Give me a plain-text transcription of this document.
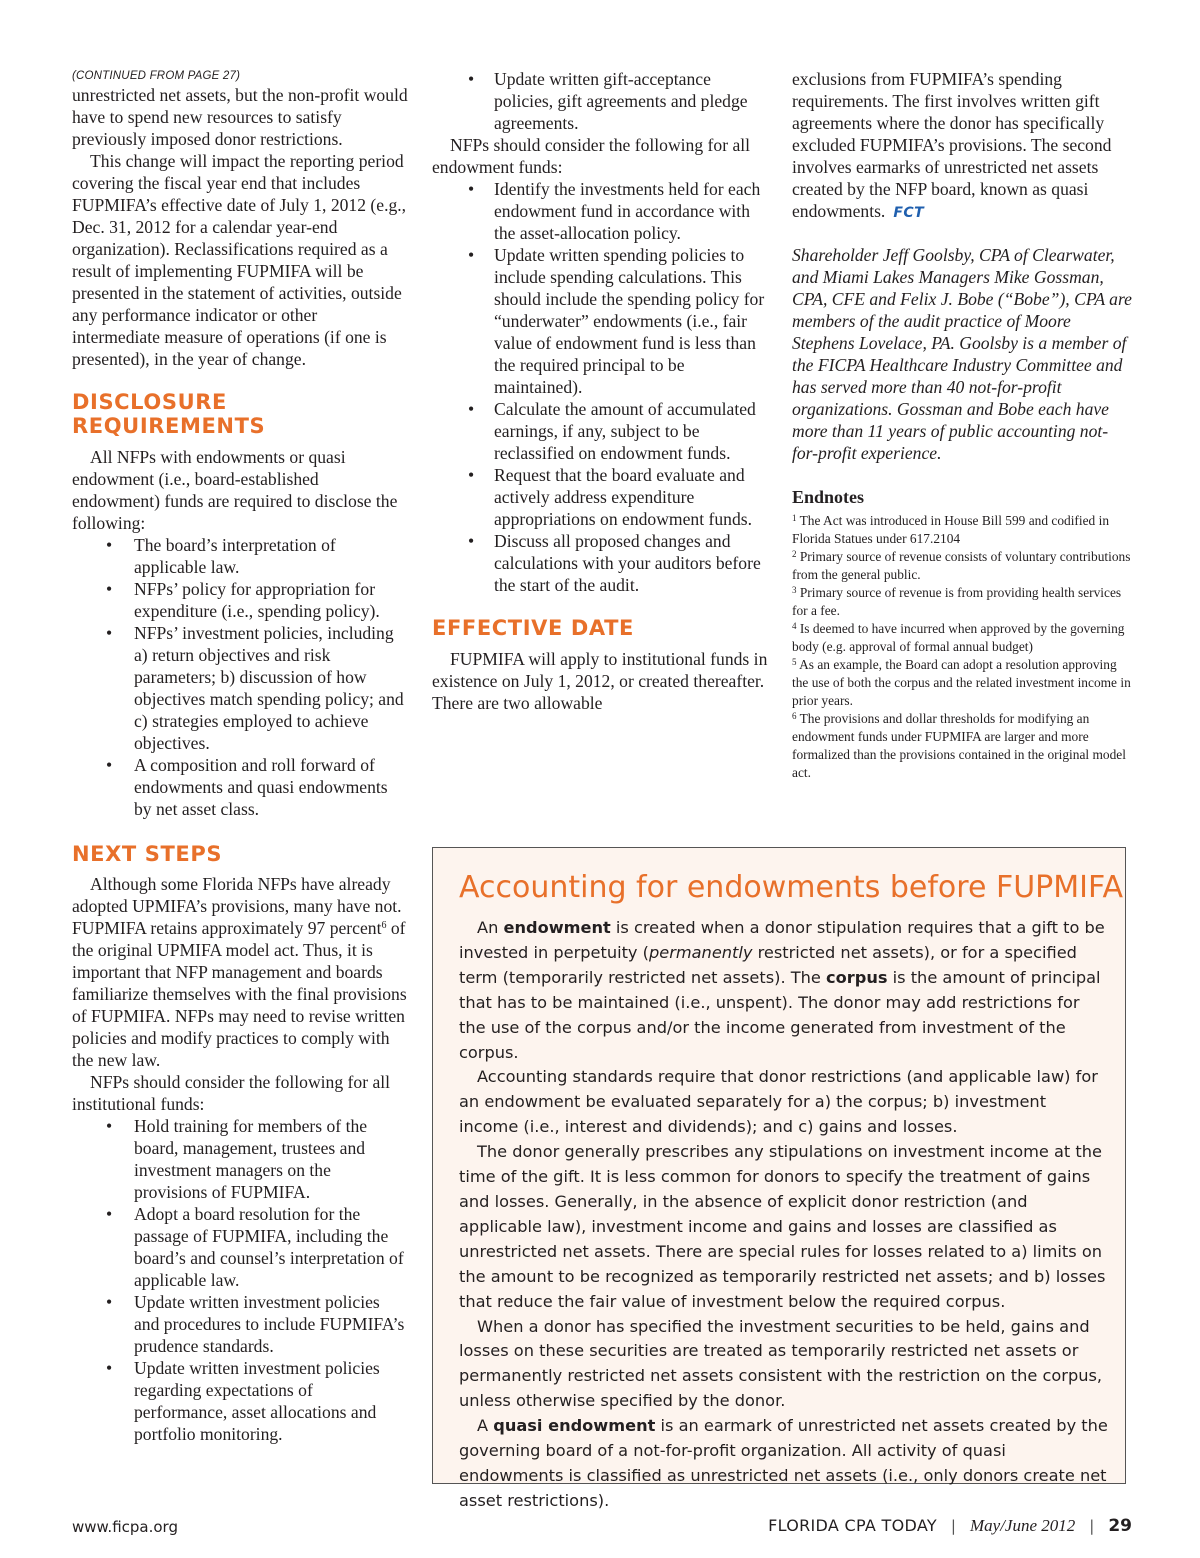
(CONTINUED FROM PAGE 27)

unrestricted net assets, but the non-profit would have to spend new resources to satisfy previously imposed donor restrictions.

This change will impact the reporting period covering the fiscal year end that includes FUPMIFA’s effective date of July 1, 2012 (e.g., Dec. 31, 2012 for a calendar year-end organization). Reclassifications required as a result of implementing FUPMIFA will be presented in the statement of activities, outside any performance indicator or other intermediate measure of operations (if one is presented), in the year of change.

DISCLOSURE REQUIREMENTS

All NFPs with endowments or quasi endowment (i.e., board-established endowment) funds are required to disclose the following:

• The board’s interpretation of applicable law.
• NFPs’ policy for appropriation for expenditure (i.e., spending policy).
• NFPs’ investment policies, including a) return objectives and risk parameters; b) discussion of how objectives match spending policy; and c) strategies employed to achieve objectives.
• A composition and roll forward of endowments and quasi endowments by net asset class.
NEXT STEPS

Although some Florida NFPs have already adopted UPMIFA’s provisions, many have not. FUPMIFA retains approximately 97 percent$^6$ of the original UPMIFA model act. Thus, it is important that NFP management and boards familiarize themselves with the final provisions of FUPMIFA. NFPs may need to revise written policies and modify practices to comply with the new law.

NFPs should consider the following for all institutional funds:

• Hold training for members of the board, management, trustees and investment managers on the provisions of FUPMIFA.
• Adopt a board resolution for the passage of FUPMIFA, including the board’s and counsel’s interpretation of applicable law.
• Update written investment policies and procedures to include FUPMIFA’s prudence standards.
• Update written investment policies regarding expectations of performance, asset allocations and portfolio monitoring.
• Update written gift-acceptance policies, gift agreements and pledge agreements.

NFPs should consider the following for all endowment funds:

• Identify the investments held for each endowment fund in accordance with the asset-allocation policy.
• Update written spending policies to include spending calculations. This should include the spending policy for “underwater” endowments (i.e., fair value of endowment fund is less than the required principal to be maintained).
• Calculate the amount of accumulated earnings, if any, subject to be reclassified on endowment funds.
• Request that the board evaluate and actively address expenditure appropriations on endowment funds.
• Discuss all proposed changes and calculations with your auditors before the start of the audit.
EFFECTIVE DATE

FUPMIFA will apply to institutional funds in existence on July 1, 2012, or created thereafter. There are two allowable

exclusions from FUPMIFA’s spending requirements. The first involves written gift agreements where the donor has specifically excluded FUPMIFA’s provisions. The second involves earmarks of unrestricted net assets created by the NFP board, known as quasi endowments. FCT

Shareholder Jeff Goolsby, CPA of Clearwater, and Miami Lakes Managers Mike Gossman, CPA, CFE and Felix J. Bobe (“Bobe”), CPA are members of the audit practice of Moore Stephens Lovelace, PA. Goolsby is a member of the FICPA Healthcare Industry Committee and has served more than 40 not-for-profit organizations. Gossman and Bobe each have more than 11 years of public accounting not-for-profit experience.

Endnotes
$^1$ The Act was introduced in House Bill 599 and codified in Florida Statues under 617.2104
$^2$ Primary source of revenue consists of voluntary contributions from the general public.
$^3$ Primary source of revenue is from providing health services for a fee.
$^4$ Is deemed to have incurred when approved by the governing body (e.g. approval of formal annual budget)
$^5$ As an example, the Board can adopt a resolution approving the use of both the corpus and the related investment income in prior years.
$^6$ The provisions and dollar thresholds for modifying an endowment funds under FUPMIFA are larger and more formalized than the provisions contained in the original model act.
Accounting for endowments before FUPMIFA

An endowment is created when a donor stipulation requires that a gift to be invested in perpetuity (permanently restricted net assets), or for a specified term (temporarily restricted net assets). The corpus is the amount of principal that has to be maintained (i.e., unspent). The donor may add restrictions for the use of the corpus and/or the income generated from investment of the corpus.

Accounting standards require that donor restrictions (and applicable law) for an endowment be evaluated separately for a) the corpus; b) investment income (i.e., interest and dividends); and c) gains and losses.

The donor generally prescribes any stipulations on investment income at the time of the gift. It is less common for donors to specify the treatment of gains and losses. Generally, in the absence of explicit donor restriction (and applicable law), investment income and gains and losses are classified as unrestricted net assets. There are special rules for losses related to a) limits on the amount to be recognized as temporarily restricted net assets; and b) losses that reduce the fair value of investment below the required corpus.

When a donor has specified the investment securities to be held, gains and losses on these securities are treated as temporarily restricted net assets or permanently restricted net assets consistent with the restriction on the corpus, unless otherwise specified by the donor.

A quasi endowment is an earmark of unrestricted net assets created by the governing board of a not-for-profit organization. All activity of quasi endowments is classified as unrestricted net assets (i.e., only donors create net asset restrictions).

www.ficpa.org	FLORIDA CPA TODAY | May/June 2012 | 29
